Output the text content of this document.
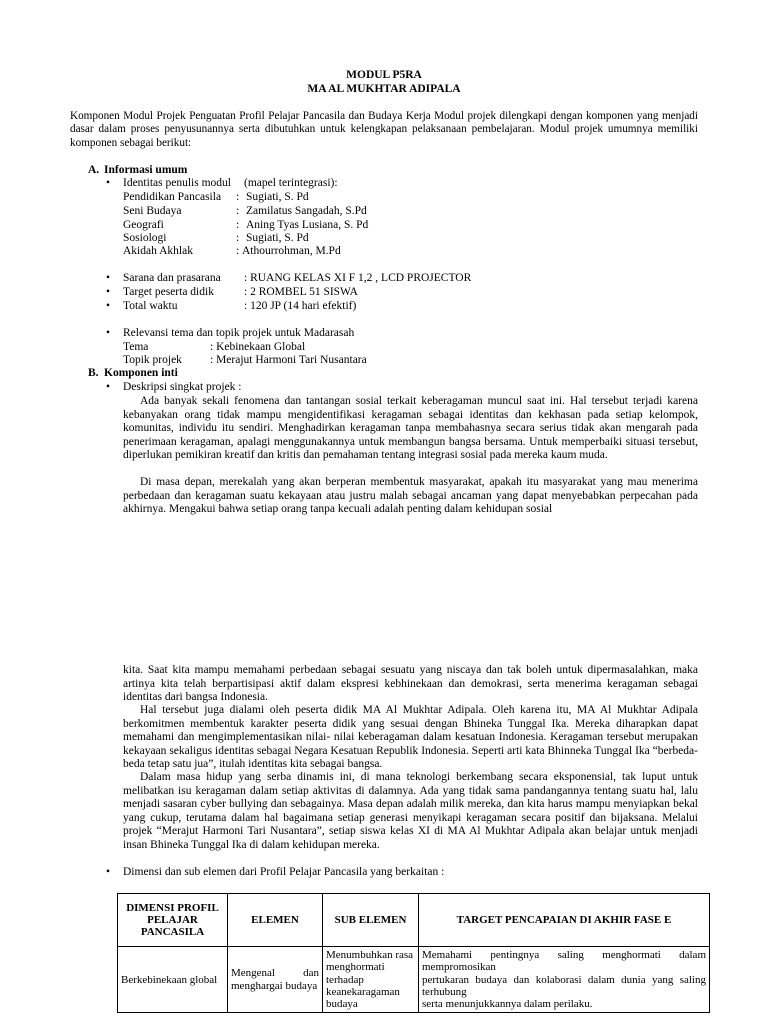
MODUL P5RA
MA AL MUKHTAR ADIPALA
Komponen Modul Projek Penguatan Profil Pelajar Pancasila dan Budaya Kerja Modul projek dilengkapi dengan komponen yang menjadi dasar dalam proses penyusunannya serta dibutuhkan untuk kelengkapan pelaksanaan pembelajaran. Modul projek umumnya memiliki komponen sebagai berikut:
A. Informasi umum
• Identitas penulis modul (mapel terintegrasi):
Pendidikan Pancasila : Sugiati, S. Pd
Seni Budaya	: Zamilatus Sangadah, S.Pd
Geografi	: Aning Tyas Lusiana, S. Pd
Sosiologi	: Sugiati, S. Pd
Akidah Akhlak	: Athourrohman, M.Pd
• Sarana dan prasarana : RUANG KELAS XI F 1,2 , LCD PROJECTOR
• Target peserta didik	: 2 ROMBEL 51 SISWA
• Total waktu	: 120 JP (14 hari efektif)
• Relevansi tema dan topik projek untuk Madarasah
Tema	: Kebinekaan Global
Topik projek : Merajut Harmoni Tari Nusantara
B. Komponen inti
• Deskripsi singkat projek :
Ada banyak sekali fenomena dan tantangan sosial terkait keberagaman muncul saat ini. Hal tersebut terjadi karena kebanyakan orang tidak mampu mengidentifikasi keragaman sebagai identitas dan kekhasan pada setiap kelompok, komunitas, individu itu sendiri. Menghadirkan keragaman tanpa membahasnya secara serius tidak akan mengarah pada penerimaan keragaman, apalagi menggunakannya untuk membangun bangsa bersama. Untuk memperbaiki situasi tersebut, diperlukan pemikiran kreatif dan kritis dan pemahaman tentang integrasi sosial pada mereka kaum muda.
Di masa depan, merekalah yang akan berperan membentuk masyarakat, apakah itu masyarakat yang mau menerima perbedaan dan keragaman suatu kekayaan atau justru malah sebagai ancaman yang dapat menyebabkan perpecahan pada akhirnya. Mengakui bahwa setiap orang tanpa kecuali adalah penting dalam kehidupan sosial
kita. Saat kita mampu memahami perbedaan sebagai sesuatu yang niscaya dan tak boleh untuk dipermasalahkan, maka artinya kita telah berpartisipasi aktif dalam ekspresi kebhinekaan dan demokrasi, serta menerima keragaman sebagai identitas dari bangsa Indonesia.
Hal tersebut juga dialami oleh peserta didik MA Al Mukhtar Adipala. Oleh karena itu, MA Al Mukhtar Adipala berkomitmen membentuk karakter peserta didik yang sesuai dengan Bhineka Tunggal Ika. Mereka diharapkan dapat memahami dan mengimplementasikan nilai- nilai keberagaman dalam kesatuan Indonesia. Keragaman tersebut merupakan kekayaan sekaligus identitas sebagai Negara Kesatuan Republik Indonesia. Seperti arti kata Bhinneka Tunggal Ika “berbeda-beda tetap satu jua”, itulah identitas kita sebagai bangsa.
Dalam masa hidup yang serba dinamis ini, di mana teknologi berkembang secara eksponensial, tak luput untuk melibatkan isu keragaman dalam setiap aktivitas di dalamnya. Ada yang tidak sama pandangannya tentang suatu hal, lalu menjadi sasaran cyber bullying dan sebagainya. Masa depan adalah milik mereka, dan kita harus mampu menyiapkan bekal yang cukup, terutama dalam hal bagaimana setiap generasi menyikapi keragaman secara positif dan bijaksana. Melalui projek “Merajut Harmoni Tari Nusantara”, setiap siswa kelas XI di MA Al Mukhtar Adipala akan belajar untuk menjadi insan Bhineka Tunggal Ika di dalam kehidupan mereka.
• Dimensi dan sub elemen dari Profil Pelajar Pancasila yang berkaitan :
DIMENSI PROFIL PELAJAR PANCASILA	ELEMEN	SUB ELEMEN	TARGET PENCAPAIAN DI AKHIR FASE E
Berkebinekaan global	Mengenal dan menghargai budaya	Menumbuhkan rasa menghormati terhadap keanekaragaman budaya	Memahami pentingnya saling menghormati dalam mempromosikan
pertukaran budaya dan kolaborasi dalam dunia yang saling terhubung
serta menunjukkannya dalam perilaku.
